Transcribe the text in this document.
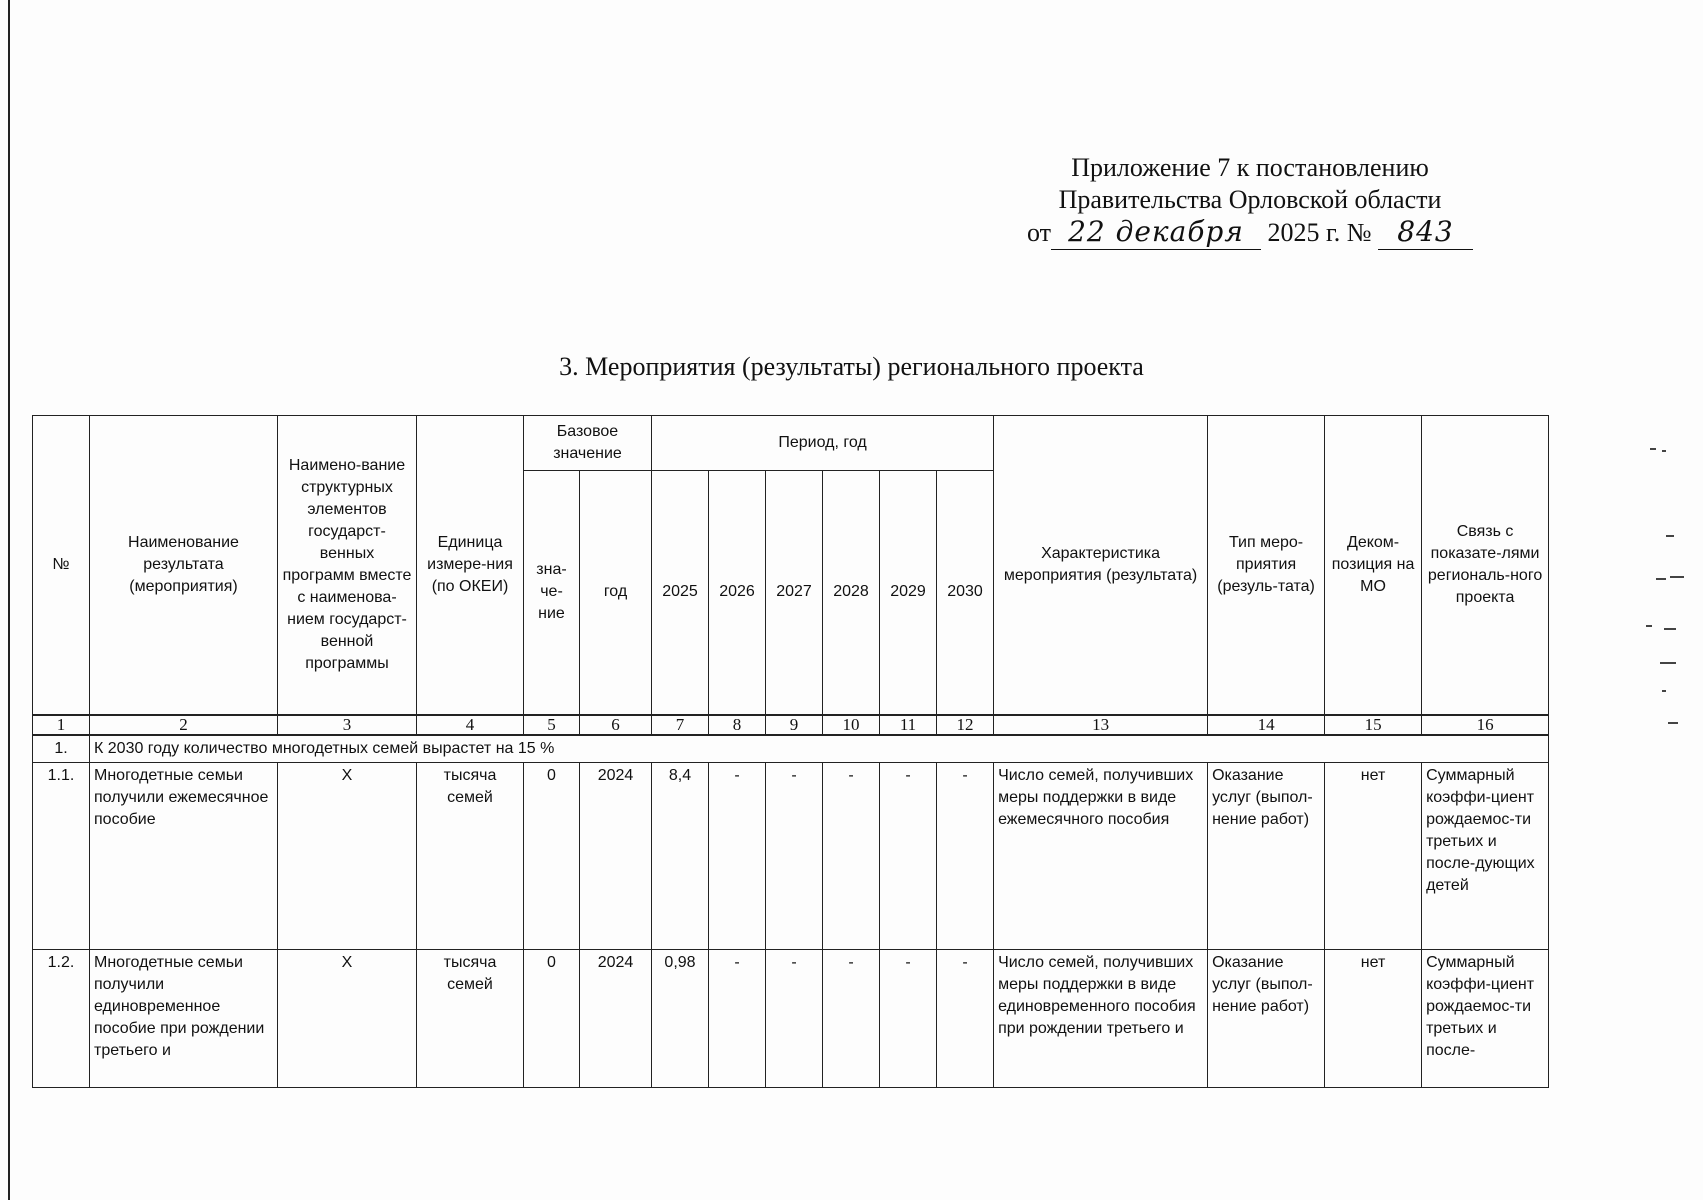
Приложение 7 к постановлению
Правительства Орловской области
от 22 декабря 2025 г. № 843
3. Мероприятия (результаты) регионального проекта
№	Наименование результата (мероприятия)	Наимено-вание структурных элементов государст-венных программ вместе с наименова-нием государст-венной программы	Единица измере-ния (по ОКЕИ)	Базовое значение		Период, год						Характеристика мероприятия (результата)	Тип меро-приятия (резуль-тата)	Деком-позиция на МО	Связь с показате-лями региональ-ного проекта
				зна-че-ние	год	2025	2026	2027	2028	2029	2030				
1	2	3	4	5	6	7	8	9	10	11	12	13	14	15	16
1.	К 2030 году количество многодетных семей вырастет на 15 %														
1.1.	Многодетные семьи получили ежемесячное пособие	Х	тысяча семей	0	2024	8,4	-	-	-	-	-	Число семей, получивших меры поддержки в виде ежемесячного пособия	Оказание услуг (выпол-нение работ)	нет	Суммарный коэффи-циент рождаемос-ти третьих и после-дующих детей
1.2.	Многодетные семьи получили единовременное пособие при рождении третьего и	Х	тысяча семей	0	2024	0,98	-	-	-	-	-	Число семей, получивших меры поддержки в виде единовременного пособия при рождении третьего и	Оказание услуг (выпол-нение работ)	нет	Суммарный коэффи-циент рождаемос-ти третьих и после-
